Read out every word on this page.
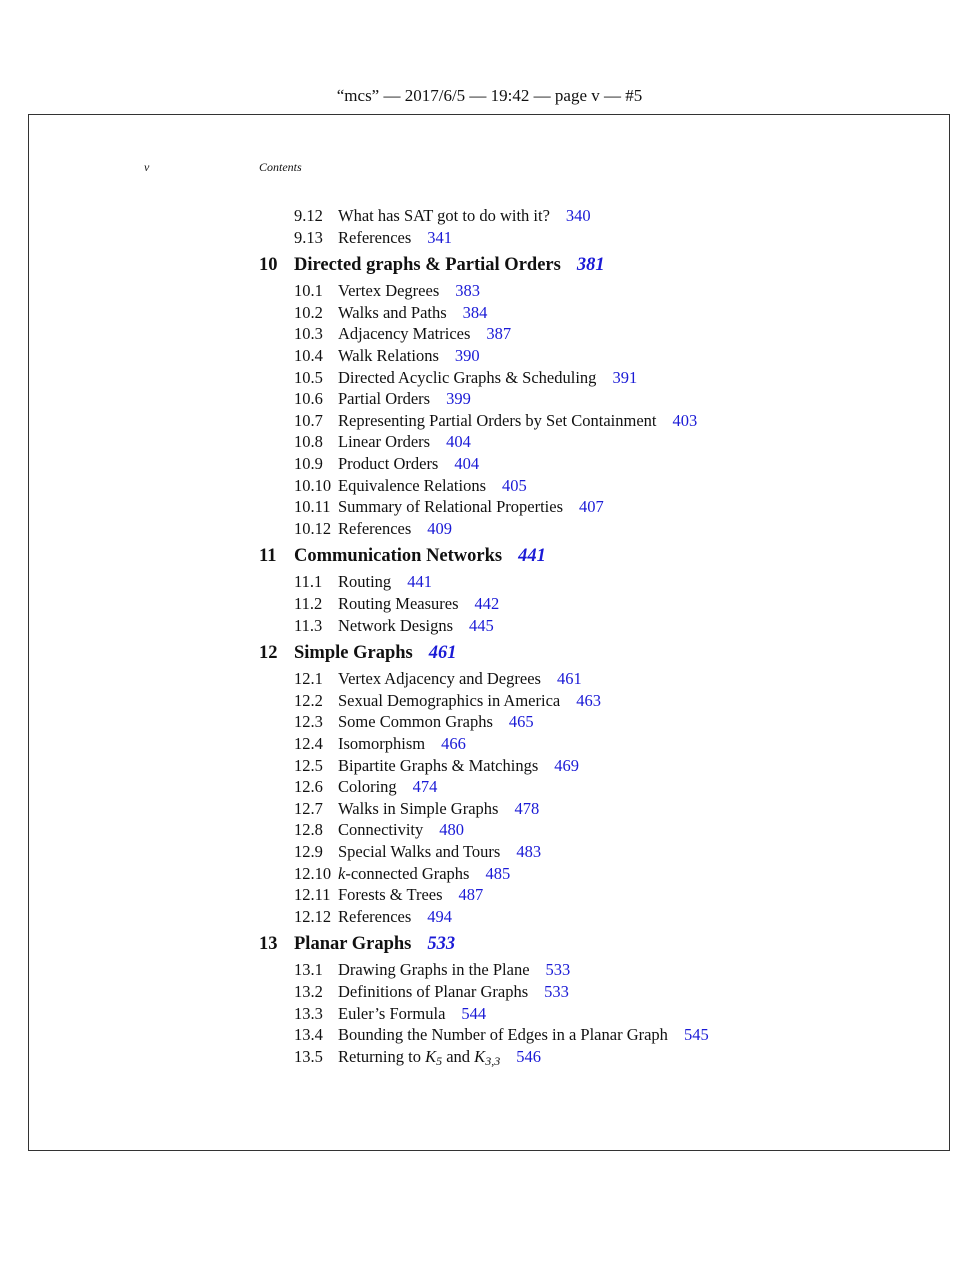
“mcs” — 2017/6/5 — 19:42 — page v — #5
v	Contents
9.12 What has SAT got to do with it? 340
9.13 References 341
10 Directed graphs & Partial Orders 381
10.1 Vertex Degrees 383
10.2 Walks and Paths 384
10.3 Adjacency Matrices 387
10.4 Walk Relations 390
10.5 Directed Acyclic Graphs & Scheduling 391
10.6 Partial Orders 399
10.7 Representing Partial Orders by Set Containment 403
10.8 Linear Orders 404
10.9 Product Orders 404
10.10 Equivalence Relations 405
10.11 Summary of Relational Properties 407
10.12 References 409
11 Communication Networks 441
11.1 Routing 441
11.2 Routing Measures 442
11.3 Network Designs 445
12 Simple Graphs 461
12.1 Vertex Adjacency and Degrees 461
12.2 Sexual Demographics in America 463
12.3 Some Common Graphs 465
12.4 Isomorphism 466
12.5 Bipartite Graphs & Matchings 469
12.6 Coloring 474
12.7 Walks in Simple Graphs 478
12.8 Connectivity 480
12.9 Special Walks and Tours 483
12.10 k-connected Graphs 485
12.11 Forests & Trees 487
12.12 References 494
13 Planar Graphs 533
13.1 Drawing Graphs in the Plane 533
13.2 Definitions of Planar Graphs 533
13.3 Euler’s Formula 544
13.4 Bounding the Number of Edges in a Planar Graph 545
13.5 Returning to $K_5$ and $K_{3,3}$ 546
